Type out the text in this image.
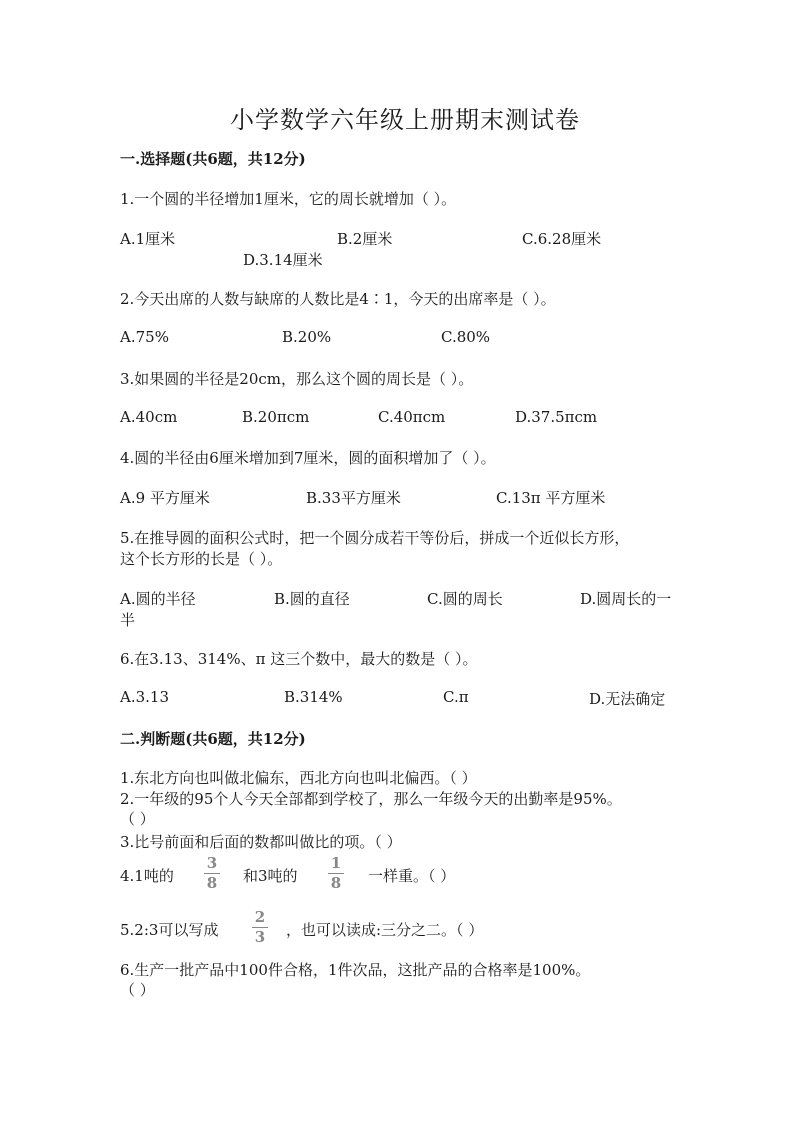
小学数学六年级上册期末测试卷
一.选择题(共6题，共12分)
1.一个圆的半径增加1厘米，它的周长就增加（ ）。
A.1厘米	B.2厘米	C.6.28厘米
D.3.14厘米
2.今天出席的人数与缺席的人数比是4∶1，今天的出席率是（ ）。
A.75%	B.20%	C.80%
3.如果圆的半径是20cm，那么这个圆的周长是（ ）。
A.40cm	B.20πcm	C.40πcm	D.37.5πcm
4.圆的半径由6厘米增加到7厘米，圆的面积增加了（ ）。
A.9 平方厘米	B.33平方厘米	C.13π 平方厘米
5.在推导圆的面积公式时，把一个圆分成若干等份后，拼成一个近似长方形，
这个长方形的长是（ ）。
A.圆的半径	B.圆的直径	C.圆的周长	D.圆周长的一
半
6.在3.13、314%、π 这三个数中，最大的数是（ ）。
A.3.13	B.314%	C.π	D.无法确定
二.判断题(共6题，共12分)
1.东北方向也叫做北偏东，西北方向也叫北偏西。（ ）
2.一年级的95个人今天全部都到学校了，那么一年级今天的出勤率是95%。
（ ）
3.比号前面和后面的数都叫做比的项。（ ）
4.1吨的
3
8 和3吨的
1
8 一样重。（ ）
5.2:3可以写成
2
3 ，也可以读成:三分之二。（ ）
6.生产一批产品中100件合格，1件次品，这批产品的合格率是100%。
（ ）
